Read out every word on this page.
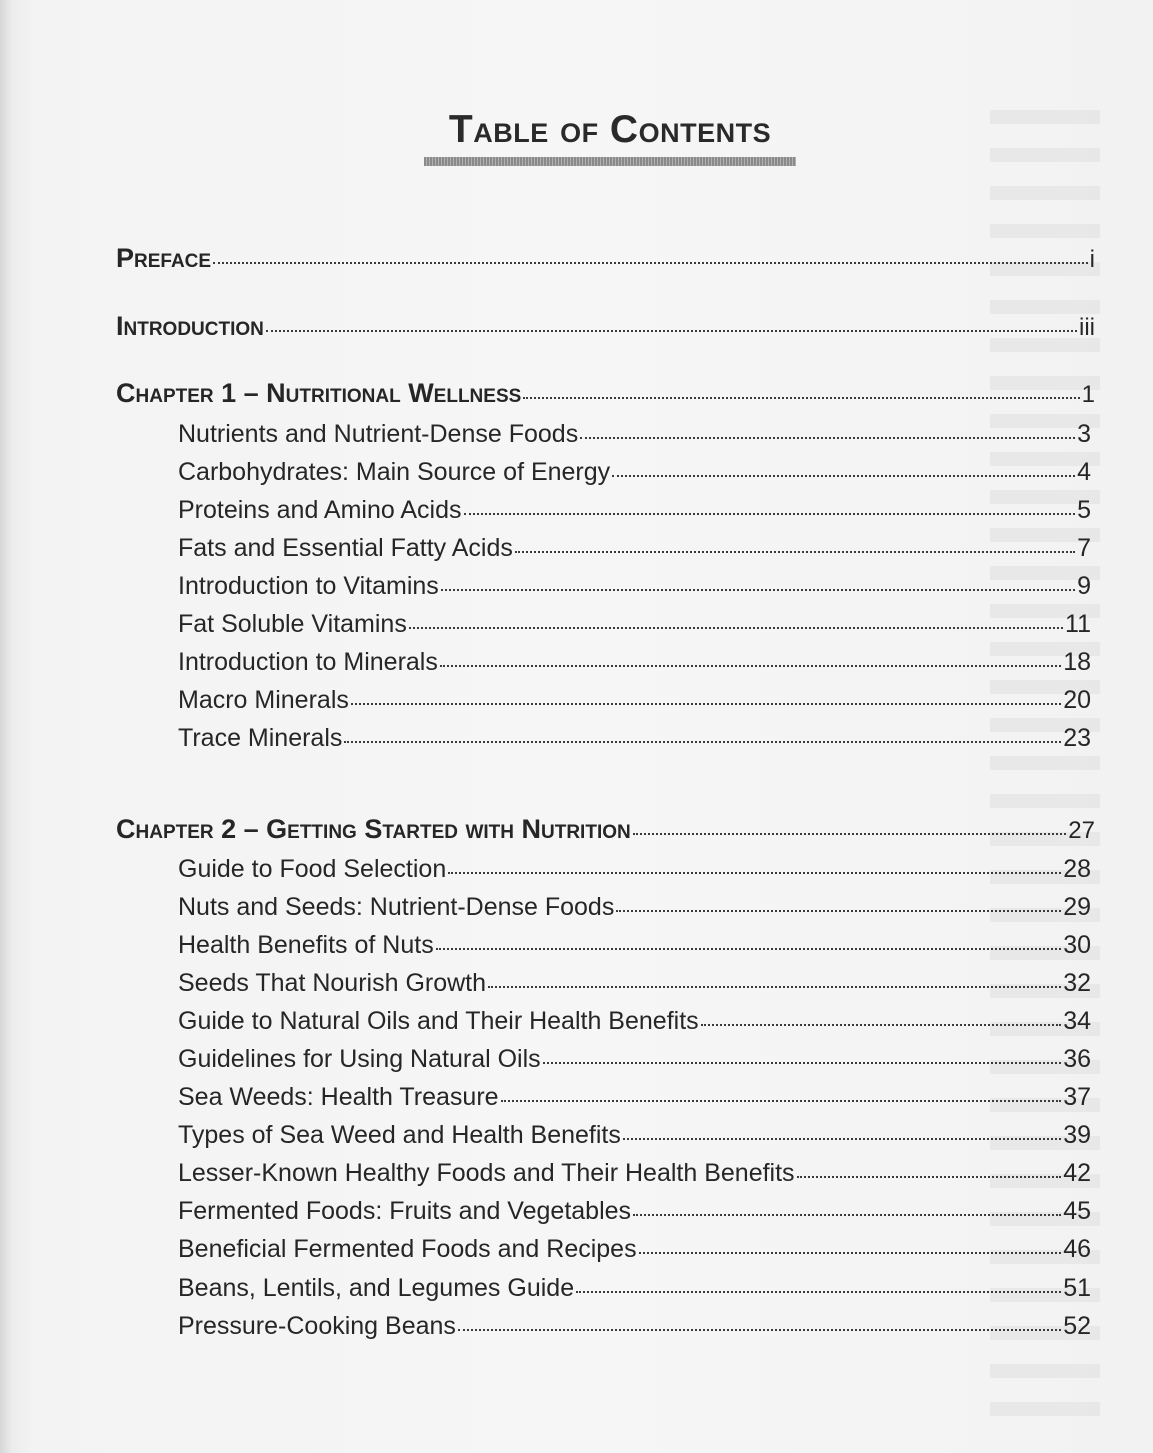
Table of Contents
Preface	i
Introduction	iii
Chapter 1 – Nutritional Wellness	1
Nutrients and Nutrient-Dense Foods	3
Carbohydrates: Main Source of Energy	4
Proteins and Amino Acids	5
Fats and Essential Fatty Acids	7
Introduction to Vitamins	9
Fat Soluble Vitamins	11
Introduction to Minerals	18
Macro Minerals	20
Trace Minerals	23
Chapter 2 – Getting Started with Nutrition	27
Guide to Food Selection	28
Nuts and Seeds: Nutrient-Dense Foods	29
Health Benefits of Nuts	30
Seeds That Nourish Growth	32
Guide to Natural Oils and Their Health Benefits	34
Guidelines for Using Natural Oils	36
Sea Weeds: Health Treasure	37
Types of Sea Weed and Health Benefits	39
Lesser-Known Healthy Foods and Their Health Benefits	42
Fermented Foods: Fruits and Vegetables	45
Beneficial Fermented Foods and Recipes	46
Beans, Lentils, and Legumes Guide	51
Pressure-Cooking Beans	52
